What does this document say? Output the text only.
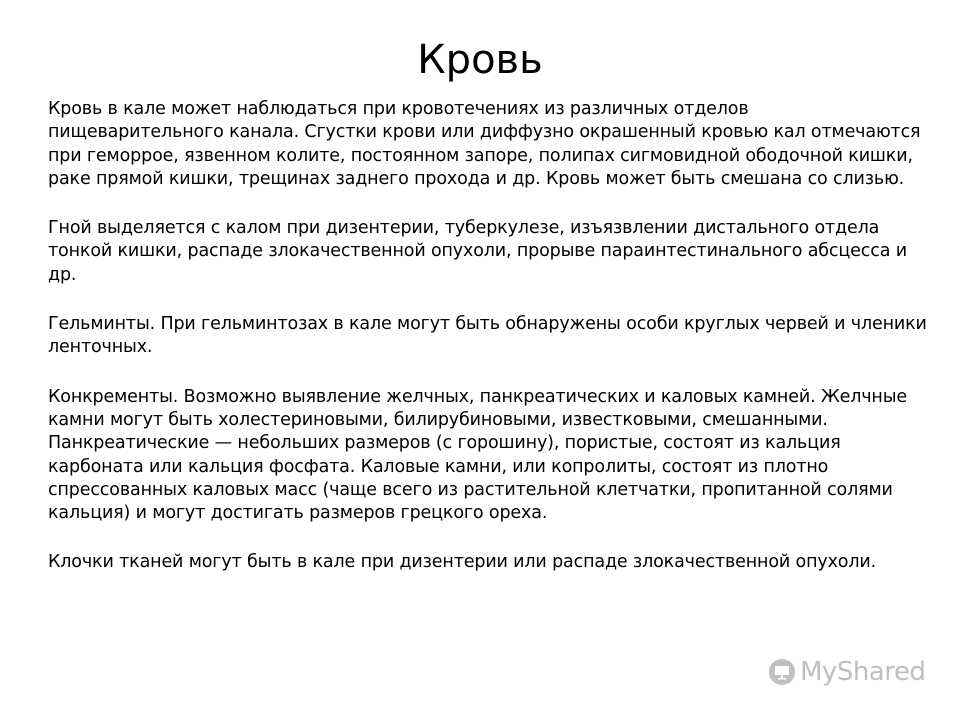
Кровь

Кровь в кале может наблюдаться при кровотечениях из различных отделов пищеварительного канала. Сгустки крови или диффузно окрашенный кровью кал отмечаются при геморрое, язвенном колите, постоянном запоре, полипах сигмовидной ободочной кишки, раке прямой кишки, трещинах заднего прохода и др. Кровь может быть смешана со слизью.

Гной выделяется с калом при дизентерии, туберкулезе, изъязвлении дистального отдела тонкой кишки, распаде злокачественной опухоли, прорыве параинтестинального абсцесса и др.

Гельминты. При гельминтозах в кале могут быть обнаружены особи круглых червей и членики ленточных.

Конкременты. Возможно выявление желчных, панкреатических и каловых камней. Желчные камни могут быть холестериновыми, билирубиновыми, известковыми, смешанными. Панкреатические — небольших размеров (с горошину), пористые, состоят из кальция карбоната или кальция фосфата. Каловые камни, или копролиты, состоят из плотно спрессованных каловых масс (чаще всего из растительной клетчатки, пропитанной солями кальция) и могут достигать размеров грецкого ореха.

Клочки тканей могут быть в кале при дизентерии или распаде злокачественной опухоли.

MyShared
